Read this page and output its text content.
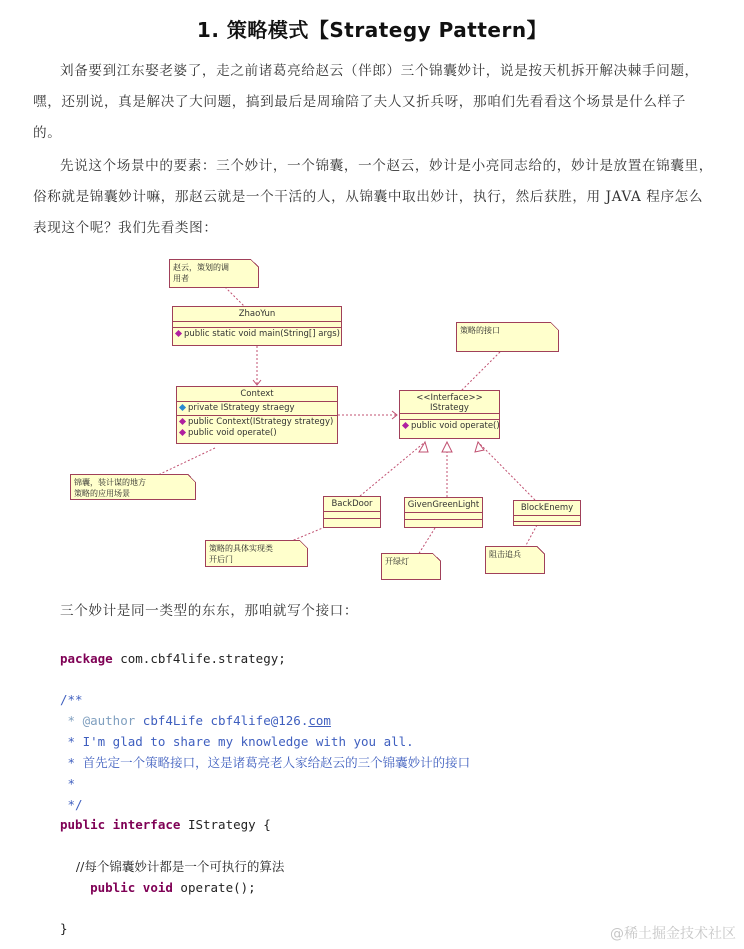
1. 策略模式【Strategy Pattern】
刘备要到江东娶老婆了，走之前诸葛亮给赵云（伴郎）三个锦囊妙计，说是按天机拆开解决棘手问题，嘿，还别说，真是解决了大问题，搞到最后是周瑜陪了夫人又折兵呀，那咱们先看看这个场景是什么样子的。
先说这个场景中的要素：三个妙计，一个锦囊，一个赵云，妙计是小亮同志给的，妙计是放置在锦囊里，俗称就是锦囊妙计嘛，那赵云就是一个干活的人，从锦囊中取出妙计，执行，然后获胜，用 JAVA 程序怎么表现这个呢？我们先看类图：
赵云，策划的调
用者
锦囊，装计谋的地方
策略的应用场景
策略的接口
策略的具体实现类
开后门	开绿灯
阻击追兵
ZhaoYun
public static void main(String[] args)
Context
private IStrategy straegy
public Context(IStrategy strategy)
public void operate()
<<Interface>>
IStrategy
public void operate()
BackDoor	GivenGreenLight	BlockEnemy
三个妙计是同一类型的东东，那咱就写个接口：
package com.cbf4life.strategy;
/**
* @author cbf4Life cbf4life@126.com
* I'm glad to share my knowledge with you all.
* 首先定一个策略接口，这是诸葛亮老人家给赵云的三个锦囊妙计的接口
*
*/
public interface IStrategy {
//每个锦囊妙计都是一个可执行的算法
public void operate();
}	@稀土掘金技术社区
